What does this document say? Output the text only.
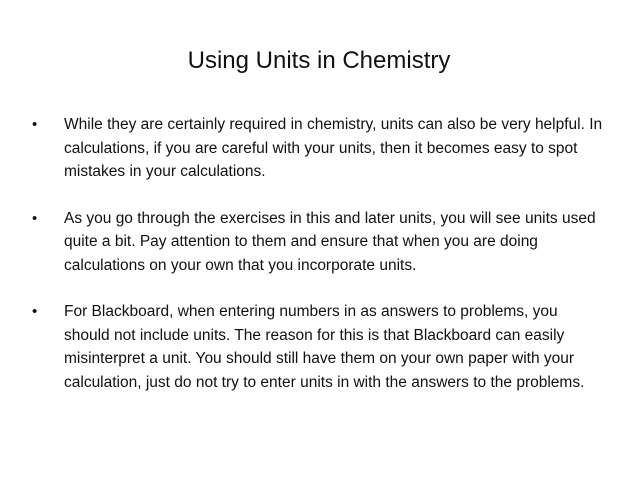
Using Units in Chemistry
• While they are certainly required in chemistry, units can also be very helpful. In calculations, if you are careful with your units, then it becomes easy to spot mistakes in your calculations.
• As you go through the exercises in this and later units, you will see units used quite a bit. Pay attention to them and ensure that when you are doing calculations on your own that you incorporate units.
• For Blackboard, when entering numbers in as answers to problems, you should not include units. The reason for this is that Blackboard can easily misinterpret a unit. You should still have them on your own paper with your calculation, just do not try to enter units in with the answers to the problems.
